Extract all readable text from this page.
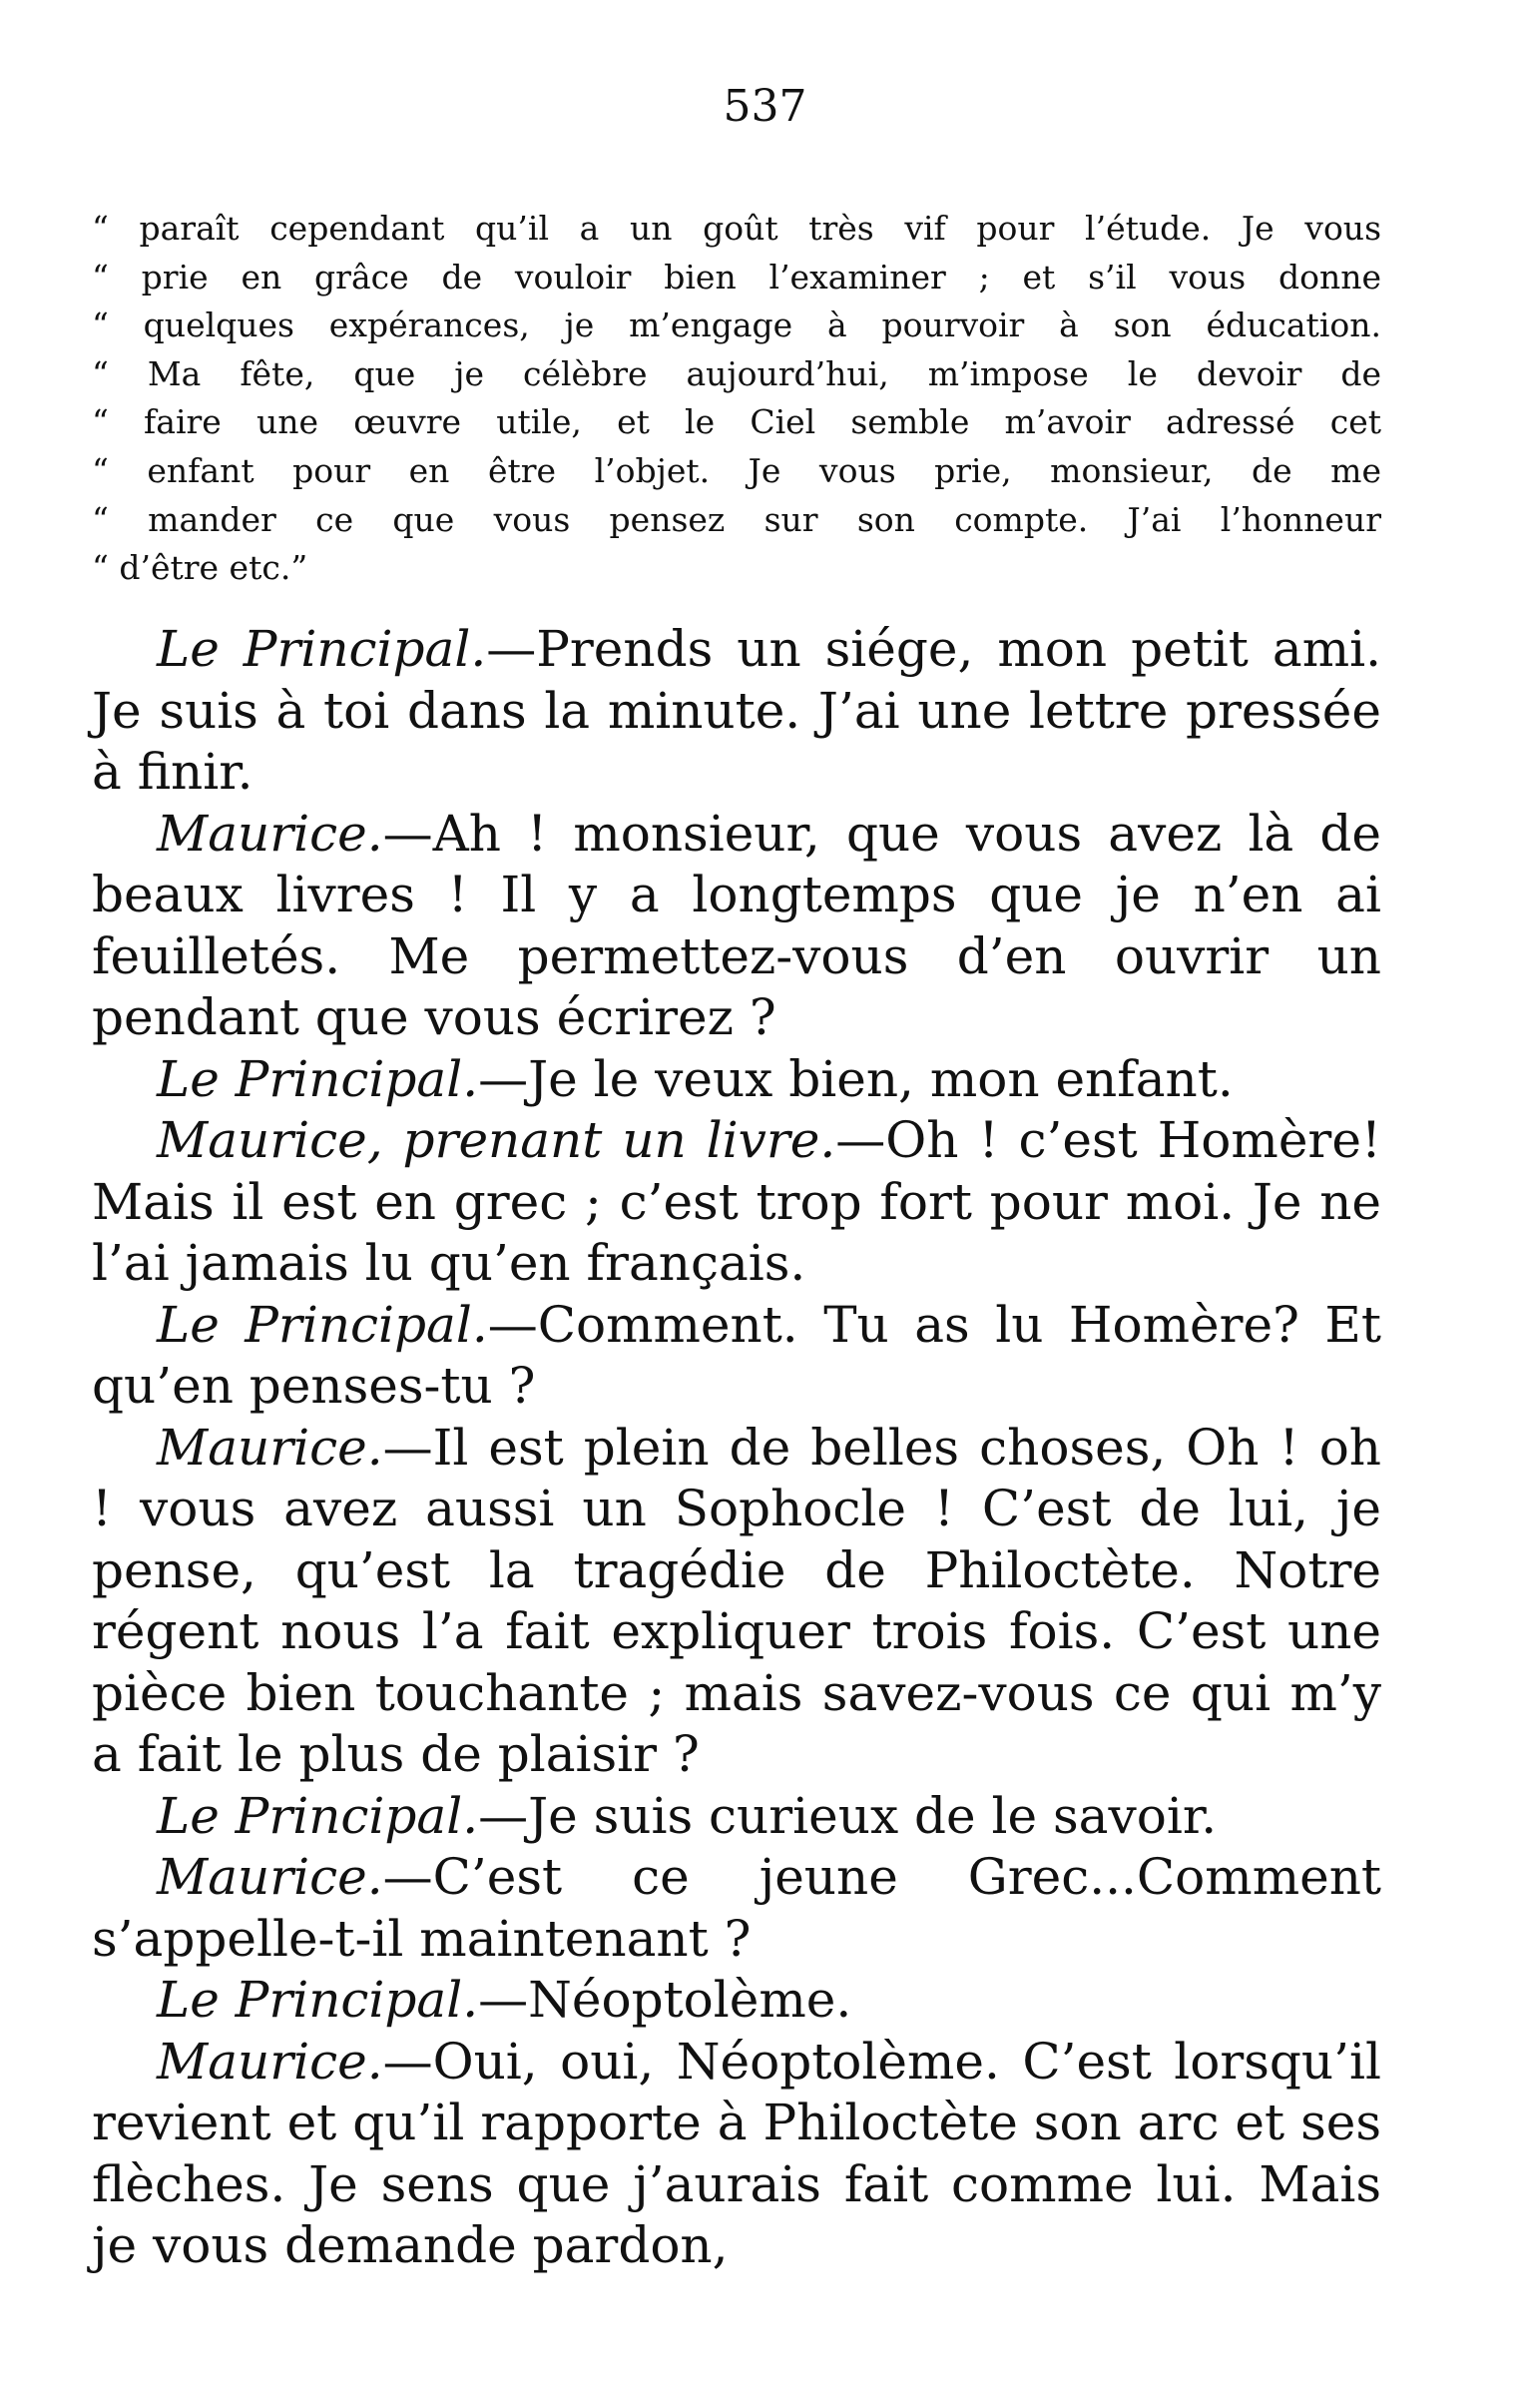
537
“ paraît cependant qu’il a un goût très vif pour l’étude. Je vous
“ prie en grâce de vouloir bien l’examiner ; et s’il vous donne
“ quelques expérances, je m’engage à pourvoir à son éducation.
“ Ma fête, que je célèbre aujourd’hui, m’impose le devoir de
“ faire une œuvre utile, et le Ciel semble m’avoir adressé cet
“ enfant pour en être l’objet. Je vous prie, monsieur, de me
“ mander ce que vous pensez sur son compte. J’ai l’honneur
“ d’être etc.”

Le Principal.—Prends un siége, mon petit ami. Je suis à toi dans la minute. J’ai une lettre pressée à finir.

Maurice.—Ah ! monsieur, que vous avez là de beaux livres ! Il y a longtemps que je n’en ai feuilletés. Me permettez-vous d’en ouvrir un pendant que vous écrirez ?

Le Principal.—Je le veux bien, mon enfant.

Maurice, prenant un livre.—Oh ! c’est Homère! Mais il est en grec ; c’est trop fort pour moi. Je ne l’ai jamais lu qu’en français.

Le Principal.—Comment. Tu as lu Homère? Et qu’en penses-tu ?

Maurice.—Il est plein de belles choses, Oh ! oh ! vous avez aussi un Sophocle ! C’est de lui, je pense, qu’est la tragédie de Philoctète. Notre régent nous l’a fait expliquer trois fois. C’est une pièce bien touchante ; mais savez-vous ce qui m’y a fait le plus de plaisir ?

Le Principal.—Je suis curieux de le savoir.

Maurice.—C’est ce jeune Grec...Comment s’appelle-t-il maintenant ?

Le Principal.—Néoptolème.

Maurice.—Oui, oui, Néoptolème. C’est lorsqu’il revient et qu’il rapporte à Philoctète son arc et ses flèches. Je sens que j’aurais fait comme lui. Mais je vous demande pardon,
